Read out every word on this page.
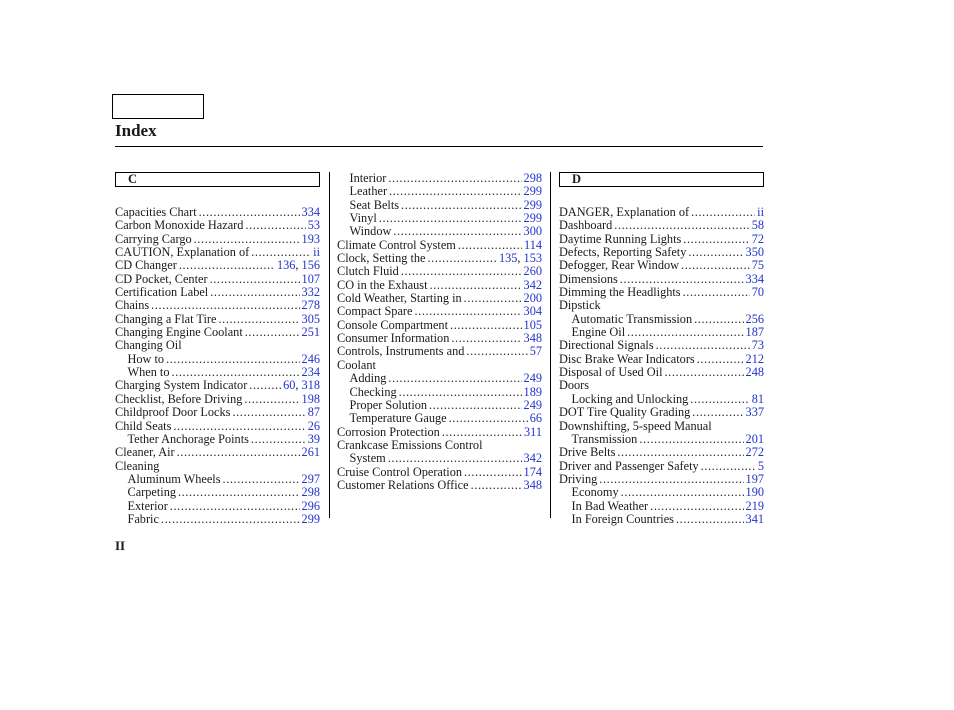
Index
C
Capacities Chart .....	334
Carbon Monoxide Hazard .....	53
Carrying Cargo .....	193
CAUTION, Explanation of .....	ii
CD Changer .....	136, 156
CD Pocket, Center .....	107
Certification Label .....	332
Chains .....	278
Changing a Flat Tire .....	305
Changing Engine Coolant .....	251
Changing Oil
How to .....	246
When to .....	234
Charging System Indicator .....	60, 318
Checklist, Before Driving .....	198
Childproof Door Locks .....	87
Child Seats .....	26
Tether Anchorage Points .....	39
Cleaner, Air .....	261
Cleaning
Aluminum Wheels .....	297
Carpeting .....	298
Exterior .....	296
Fabric .....	299
Interior .....	298
Leather .....	299
Seat Belts .....	299
Vinyl .....	299
Window .....	300
Climate Control System .....	114
Clock, Setting the .....	135, 153
Clutch Fluid .....	260
CO in the Exhaust .....	342
Cold Weather, Starting in .....	200
Compact Spare .....	304
Console Compartment .....	105
Consumer Information .....	348
Controls, Instruments and .....	57
Coolant
Adding .....	249
Checking .....	189
Proper Solution .....	249
Temperature Gauge .....	66
Corrosion Protection .....	311
Crankcase Emissions Control
System .....	342
Cruise Control Operation .....	174
Customer Relations Office .....	348
D
DANGER, Explanation of .....	ii
Dashboard .....	58
Daytime Running Lights .....	72
Defects, Reporting Safety .....	350
Defogger, Rear Window .....	75
Dimensions .....	334
Dimming the Headlights .....	70
Dipstick
Automatic Transmission .....	256
Engine Oil .....	187
Directional Signals .....	73
Disc Brake Wear Indicators .....	212
Disposal of Used Oil .....	248
Doors
Locking and Unlocking .....	81
DOT Tire Quality Grading .....	337
Downshifting, 5-speed Manual
Transmission .....	201
Drive Belts .....	272
Driver and Passenger Safety .....	5
Driving .....	197
Economy .....	190
In Bad Weather .....	219
In Foreign Countries .....	341
II
